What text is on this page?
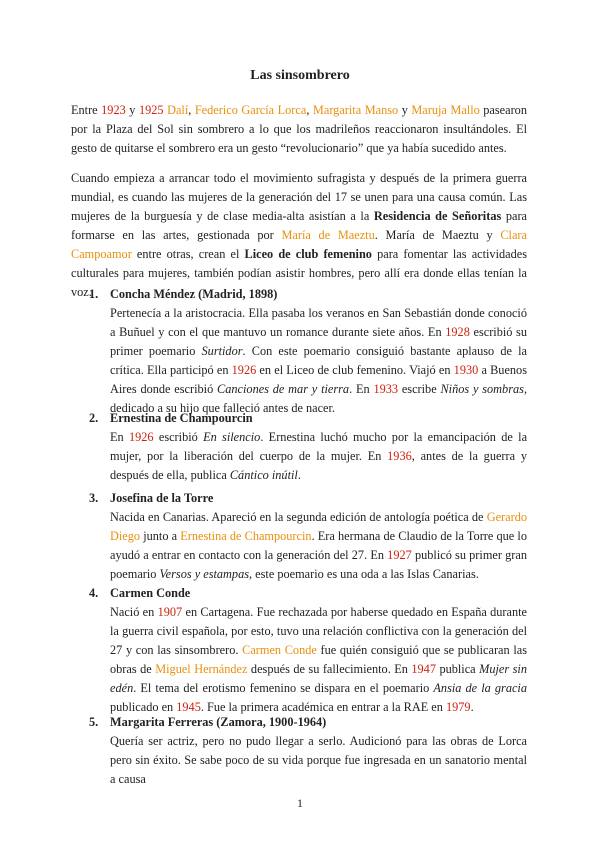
Las sinsombrero

Entre 1923 y 1925 Dalí, Federico García Lorca, Margarita Manso y Maruja Mallo pasearon por la Plaza del Sol sin sombrero a lo que los madrileños reaccionaron insultándoles. El gesto de quitarse el sombrero era un gesto “revolucionario” que ya había sucedido antes.

Cuando empieza a arrancar todo el movimiento sufragista y después de la primera guerra mundial, es cuando las mujeres de la generación del 17 se unen para una causa común. Las mujeres de la burguesía y de clase media-alta asistían a la Residencia de Señoritas para formarse en las artes, gestionada por María de Maeztu. María de Maeztu y Clara Campoamor entre otras, crean el Liceo de club femenino para fomentar las actividades culturales para mujeres, también podían asistir hombres, pero allí era donde ellas tenían la voz.

1. Concha Méndez (Madrid, 1898)

Pertenecía a la aristocracia. Ella pasaba los veranos en San Sebastián donde conoció a Buñuel y con el que mantuvo un romance durante siete años. En 1928 escribió su primer poemario Surtidor. Con este poemario consiguió bastante aplauso de la crítica. Ella participó en 1926 en el Liceo de club femenino. Viajó en 1930 a Buenos Aires donde escribió Canciones de mar y tierra. En 1933 escribe Niños y sombras, dedicado a su hijo que falleció antes de nacer.

2. Ernestina de Champourcin

En 1926 escribió En silencio. Ernestina luchó mucho por la emancipación de la mujer, por la liberación del cuerpo de la mujer. En 1936, antes de la guerra y después de ella, publica Cántico inútil.

3. Josefina de la Torre

Nacida en Canarias. Apareció en la segunda edición de antología poética de Gerardo Diego junto a Ernestina de Champourcin. Era hermana de Claudio de la Torre que lo ayudó a entrar en contacto con la generación del 27. En 1927 publicó su primer gran poemario Versos y estampas, este poemario es una oda a las Islas Canarias.

4. Carmen Conde

Nació en 1907 en Cartagena. Fue rechazada por haberse quedado en España durante la guerra civil española, por esto, tuvo una relación conflictiva con la generación del 27 y con las sinsombrero. Carmen Conde fue quién consiguió que se publicaran las obras de Miguel Hernández después de su fallecimiento. En 1947 publica Mujer sin edén. El tema del erotismo femenino se dispara en el poemario Ansia de la gracia publicado en 1945. Fue la primera académica en entrar a la RAE en 1979.

5. Margarita Ferreras (Zamora, 1900-1964)

Quería ser actriz, pero no pudo llegar a serlo. Audicionó para las obras de Lorca pero sin éxito. Se sabe poco de su vida porque fue ingresada en un sanatorio mental a causa

1
